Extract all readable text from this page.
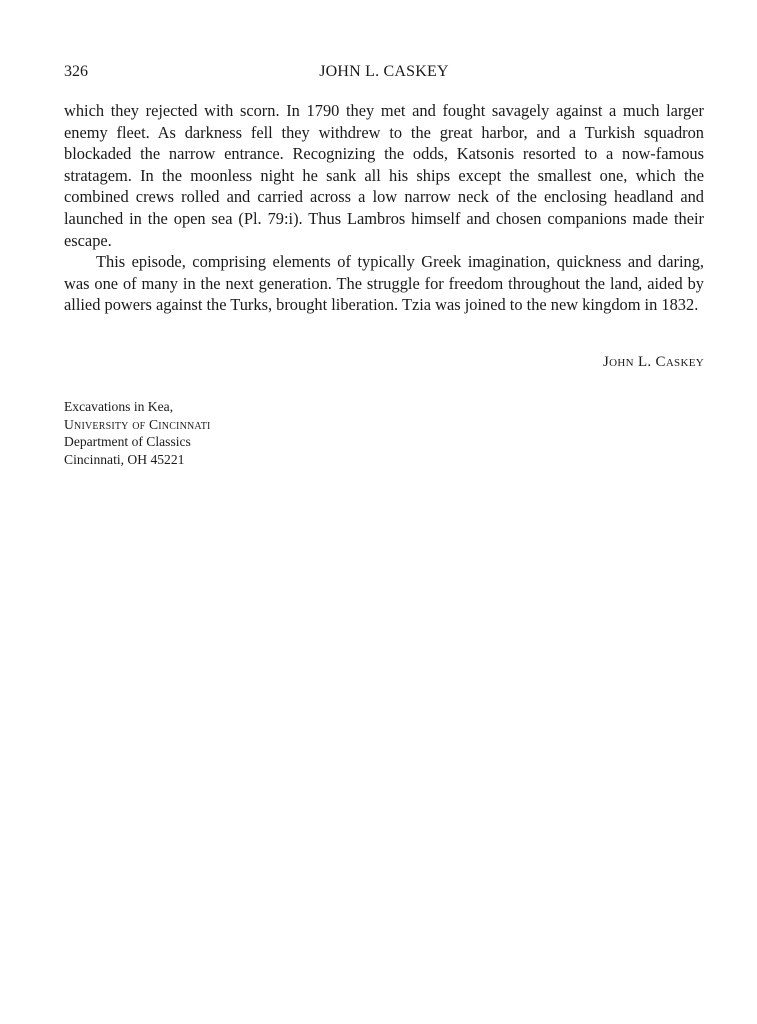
326	JOHN L. CASKEY

which they rejected with scorn. In 1790 they met and fought savagely against a much larger enemy fleet. As darkness fell they withdrew to the great harbor, and a Turkish squadron blockaded the narrow entrance. Recognizing the odds, Katsonis resorted to a now-famous stratagem. In the moonless night he sank all his ships except the smallest one, which the combined crews rolled and carried across a low narrow neck of the enclosing headland and launched in the open sea (Pl. 79:i). Thus Lambros himself and chosen companions made their escape.

This episode, comprising elements of typically Greek imagination, quickness and daring, was one of many in the next generation. The struggle for freedom throughout the land, aided by allied powers against the Turks, brought liberation. Tzia was joined to the new kingdom in 1832.

John L. Caskey
Excavations in Kea,
University of Cincinnati
Department of Classics
Cincinnati, OH 45221
